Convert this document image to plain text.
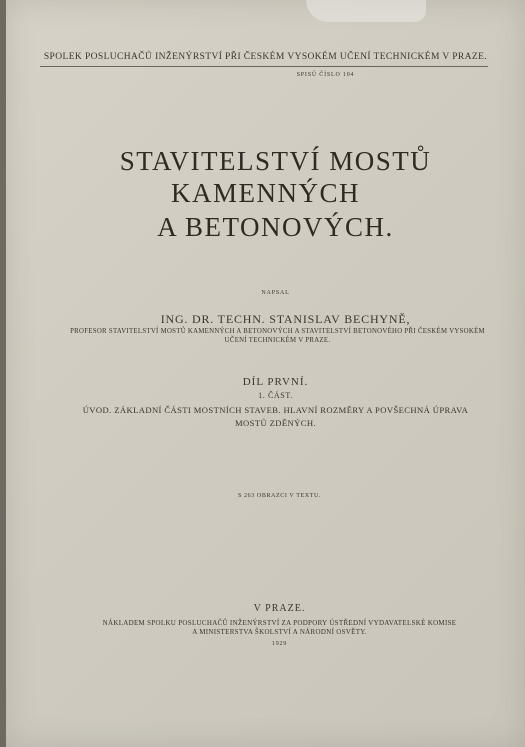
SPOLEK POSLUCHAČŮ INŽENÝRSTVÍ PŘI ČESKÉM VYSOKÉM UČENÍ TECHNICKÉM V PRAZE.
SPISŮ ČÍSLO 104
STAVITELSTVÍ MOSTŮ
KAMENNÝCH
A BETONOVÝCH.
NAPSAL
ING. DR. TECHN. STANISLAV BECHYNĚ,
PROFESOR STAVITELSTVÍ MOSTŮ KAMENNÝCH A BETONOVÝCH A STAVITELSTVÍ BETONOVÉHO PŘI ČESKÉM VYSOKÉM
UČENÍ TECHNICKÉM V PRAZE.
DÍL PRVNÍ.
1. ČÁST.
ÚVOD. ZÁKLADNÍ ČÁSTI MOSTNÍCH STAVEB. HLAVNÍ ROZMĚRY A POVŠECHNÁ ÚPRAVA
MOSTŮ ZDĚNÝCH.
S 263 OBRAZCI V TEXTU.
V PRAZE.
NÁKLADEM SPOLKU POSLUCHAČŮ INŽENÝRSTVÍ ZA PODPORY ÚSTŘEDNÍ VYDAVATELSKÉ KOMISE
A MINISTERSTVA ŠKOLSTVÍ A NÁRODNÍ OSVĚTY.
1929
